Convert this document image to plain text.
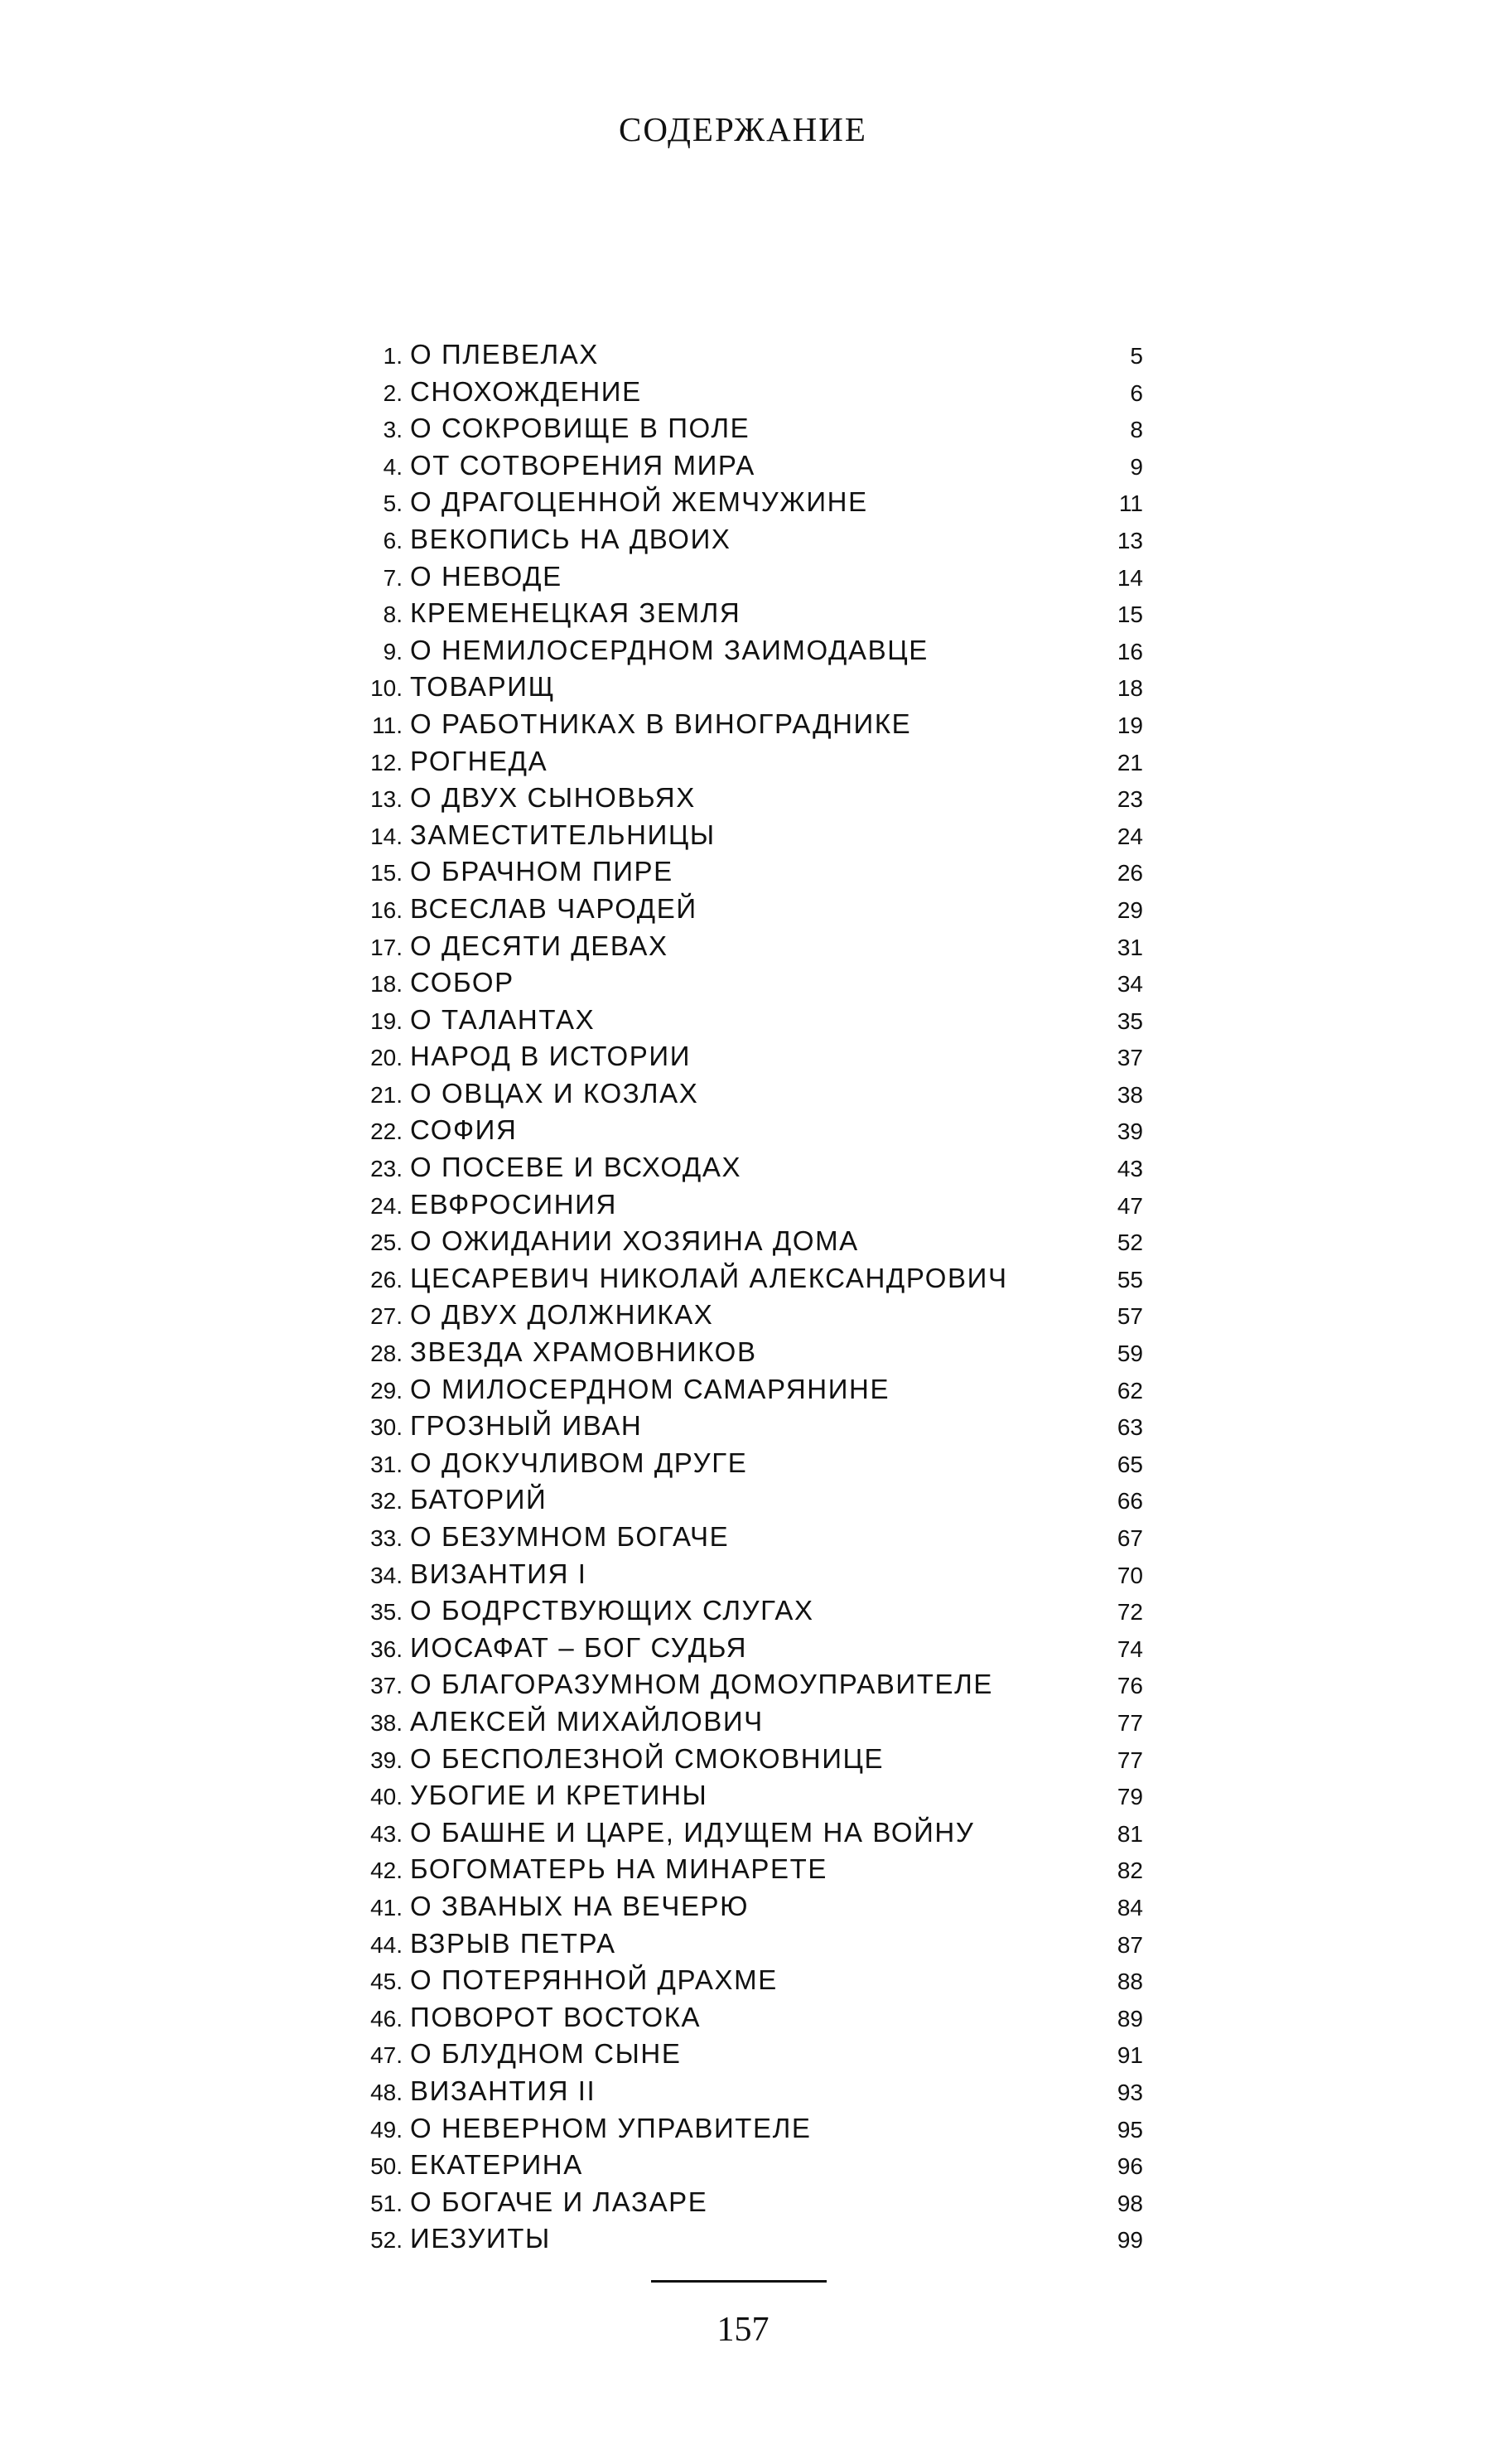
СОДЕРЖАНИЕ
1. О ПЛЕВЕЛАХ	5
2. СНОХОЖДЕНИЕ	6
3. О СОКРОВИЩЕ В ПОЛЕ	8
4. ОТ СОТВОРЕНИЯ МИРА	9
5. О ДРАГОЦЕННОЙ ЖЕМЧУЖИНЕ	11
6. ВЕКОПИСЬ НА ДВОИХ	13
7. О НЕВОДЕ	14
8. КРЕМЕНЕЦКАЯ ЗЕМЛЯ	15
9. О НЕМИЛОСЕРДНОМ ЗАИМОДАВЦЕ	16
10. ТОВАРИЩ	18
11. О РАБОТНИКАХ В ВИНОГРАДНИКЕ	19
12. РОГНЕДА	21
13. О ДВУХ СЫНОВЬЯХ	23
14. ЗАМЕСТИТЕЛЬНИЦЫ	24
15. О БРАЧНОМ ПИРЕ	26
16. ВСЕСЛАВ ЧАРОДЕЙ	29
17. О ДЕСЯТИ ДЕВАХ	31
18. СОБОР	34
19. О ТАЛАНТАХ	35
20. НАРОД В ИСТОРИИ	37
21. О ОВЦАХ И КОЗЛАХ	38
22. СОФИЯ	39
23. О ПОСЕВЕ И ВСХОДАХ	43
24. ЕВФРОСИНИЯ	47
25. О ОЖИДАНИИ ХОЗЯИНА ДОМА	52
26. ЦЕСАРЕВИЧ НИКОЛАЙ АЛЕКСАНДРОВИЧ	55
27. О ДВУХ ДОЛЖНИКАХ	57
28. ЗВЕЗДА ХРАМОВНИКОВ	59
29. О МИЛОСЕРДНОМ САМАРЯНИНЕ	62
30. ГРОЗНЫЙ ИВАН	63
31. О ДОКУЧЛИВОМ ДРУГЕ	65
32. БАТОРИЙ	66
33. О БЕЗУМНОМ БОГАЧЕ	67
34. ВИЗАНТИЯ I	70
35. О БОДРСТВУЮЩИХ СЛУГАХ	72
36. ИОСАФАТ – БОГ СУДЬЯ	74
37. О БЛАГОРАЗУМНОМ ДОМОУПРАВИТЕЛЕ	76
38. АЛЕКСЕЙ МИХАЙЛОВИЧ	77
39. О БЕСПОЛЕЗНОЙ СМОКОВНИЦЕ	77
40. УБОГИЕ И КРЕТИНЫ	79
43. О БАШНЕ И ЦАРЕ, ИДУЩЕМ НА ВОЙНУ	81
42. БОГОМАТЕРЬ НА МИНАРЕТЕ	82
41. О ЗВАНЫХ НА ВЕЧЕРЮ	84
44. ВЗРЫВ ПЕТРА	87
45. О ПОТЕРЯННОЙ ДРАХМЕ	88
46. ПОВОРОТ ВОСТОКА	89
47. О БЛУДНОМ СЫНЕ	91
48. ВИЗАНТИЯ II	93
49. О НЕВЕРНОМ УПРАВИТЕЛЕ	95
50. ЕКАТЕРИНА	96
51. О БОГАЧЕ И ЛАЗАРЕ	98
52. ИЕЗУИТЫ	99
157
